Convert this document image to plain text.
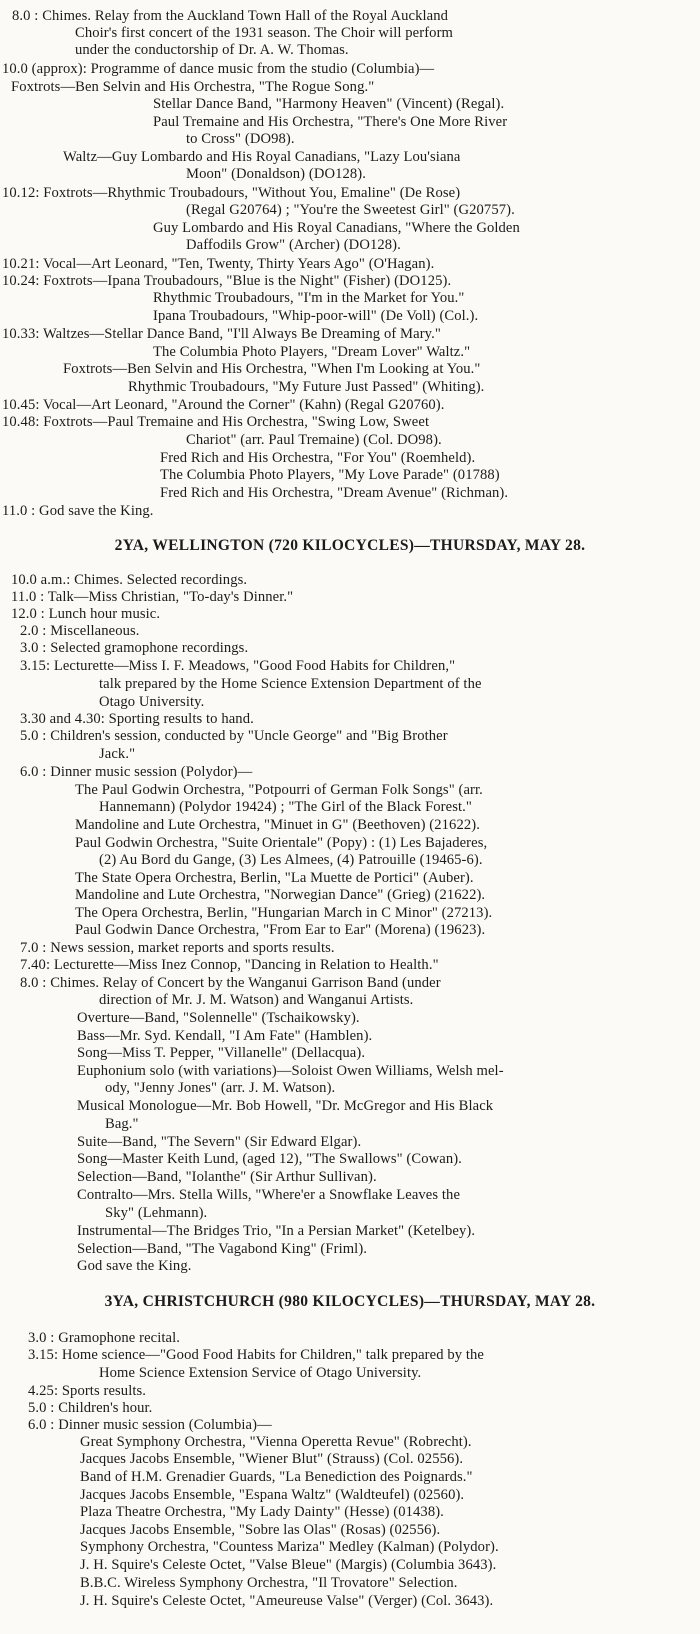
8.0 : Chimes. Relay from the Auckland Town Hall of the Royal Auckland
Choir's first concert of the 1931 season. The Choir will perform
under the conductorship of Dr. A. W. Thomas.
10.0 (approx): Programme of dance music from the studio (Columbia)—
Foxtrots—Ben Selvin and His Orchestra, "The Rogue Song."
Stellar Dance Band, "Harmony Heaven" (Vincent) (Regal).
Paul Tremaine and His Orchestra, "There's One More River
to Cross" (DO98).
Waltz—Guy Lombardo and His Royal Canadians, "Lazy Lou'siana
Moon" (Donaldson) (DO128).
10.12: Foxtrots—Rhythmic Troubadours, "Without You, Emaline" (De Rose)
(Regal G20764) ; "You're the Sweetest Girl" (G20757).
Guy Lombardo and His Royal Canadians, "Where the Golden
Daffodils Grow" (Archer) (DO128).
10.21: Vocal—Art Leonard, "Ten, Twenty, Thirty Years Ago" (O'Hagan).
10.24: Foxtrots—Ipana Troubadours, "Blue is the Night" (Fisher) (DO125).
Rhythmic Troubadours, "I'm in the Market for You."
Ipana Troubadours, "Whip-poor-will" (De Voll) (Col.).
10.33: Waltzes—Stellar Dance Band, "I'll Always Be Dreaming of Mary."
The Columbia Photo Players, "Dream Lover" Waltz."
Foxtrots—Ben Selvin and His Orchestra, "When I'm Looking at You."
Rhythmic Troubadours, "My Future Just Passed" (Whiting).
10.45: Vocal—Art Leonard, "Around the Corner" (Kahn) (Regal G20760).
10.48: Foxtrots—Paul Tremaine and His Orchestra, "Swing Low, Sweet
Chariot" (arr. Paul Tremaine) (Col. DO98).
Fred Rich and His Orchestra, "For You" (Roemheld).
The Columbia Photo Players, "My Love Parade" (01788)
Fred Rich and His Orchestra, "Dream Avenue" (Richman).
11.0 : God save the King.
2YA, WELLINGTON (720 KILOCYCLES)—THURSDAY, MAY 28.
10.0 a.m.: Chimes. Selected recordings.
11.0 : Talk—Miss Christian, "To-day's Dinner."
12.0 : Lunch hour music.
2.0 : Miscellaneous.
3.0 : Selected gramophone recordings.
3.15: Lecturette—Miss I. F. Meadows, "Good Food Habits for Children,"
talk prepared by the Home Science Extension Department of the
Otago University.
3.30 and 4.30: Sporting results to hand.
5.0 : Children's session, conducted by "Uncle George" and "Big Brother
Jack."
6.0 : Dinner music session (Polydor)—
The Paul Godwin Orchestra, "Potpourri of German Folk Songs" (arr.
Hannemann) (Polydor 19424) ; "The Girl of the Black Forest."
Mandoline and Lute Orchestra, "Minuet in G" (Beethoven) (21622).
Paul Godwin Orchestra, "Suite Orientale" (Popy) : (1) Les Bajaderes,
(2) Au Bord du Gange, (3) Les Almees, (4) Patrouille (19465-6).
The State Opera Orchestra, Berlin, "La Muette de Portici" (Auber).
Mandoline and Lute Orchestra, "Norwegian Dance" (Grieg) (21622).
The Opera Orchestra, Berlin, "Hungarian March in C Minor" (27213).
Paul Godwin Dance Orchestra, "From Ear to Ear" (Morena) (19623).
7.0 : News session, market reports and sports results.
7.40: Lecturette—Miss Inez Connop, "Dancing in Relation to Health."
8.0 : Chimes. Relay of Concert by the Wanganui Garrison Band (under
direction of Mr. J. M. Watson) and Wanganui Artists.
Overture—Band, "Solennelle" (Tschaikowsky).
Bass—Mr. Syd. Kendall, "I Am Fate" (Hamblen).
Song—Miss T. Pepper, "Villanelle" (Dellacqua).
Euphonium solo (with variations)—Soloist Owen Williams, Welsh mel-
ody, "Jenny Jones" (arr. J. M. Watson).
Musical Monologue—Mr. Bob Howell, "Dr. McGregor and His Black
Bag."
Suite—Band, "The Severn" (Sir Edward Elgar).
Song—Master Keith Lund, (aged 12), "The Swallows" (Cowan).
Selection—Band, "Iolanthe" (Sir Arthur Sullivan).
Contralto—Mrs. Stella Wills, "Where'er a Snowflake Leaves the
Sky" (Lehmann).
Instrumental—The Bridges Trio, "In a Persian Market" (Ketelbey).
Selection—Band, "The Vagabond King" (Friml).
God save the King.
3YA, CHRISTCHURCH (980 KILOCYCLES)—THURSDAY, MAY 28.
3.0 : Gramophone recital.
3.15: Home science—"Good Food Habits for Children," talk prepared by the
Home Science Extension Service of Otago University.
4.25: Sports results.
5.0 : Children's hour.
6.0 : Dinner music session (Columbia)—
Great Symphony Orchestra, "Vienna Operetta Revue" (Robrecht).
Jacques Jacobs Ensemble, "Wiener Blut" (Strauss) (Col. 02556).
Band of H.M. Grenadier Guards, "La Benediction des Poignards."
Jacques Jacobs Ensemble, "Espana Waltz" (Waldteufel) (02560).
Plaza Theatre Orchestra, "My Lady Dainty" (Hesse) (01438).
Jacques Jacobs Ensemble, "Sobre las Olas" (Rosas) (02556).
Symphony Orchestra, "Countess Mariza" Medley (Kalman) (Polydor).
J. H. Squire's Celeste Octet, "Valse Bleue" (Margis) (Columbia 3643).
B.B.C. Wireless Symphony Orchestra, "Il Trovatore" Selection.
J. H. Squire's Celeste Octet, "Ameureuse Valse" (Verger) (Col. 3643).
